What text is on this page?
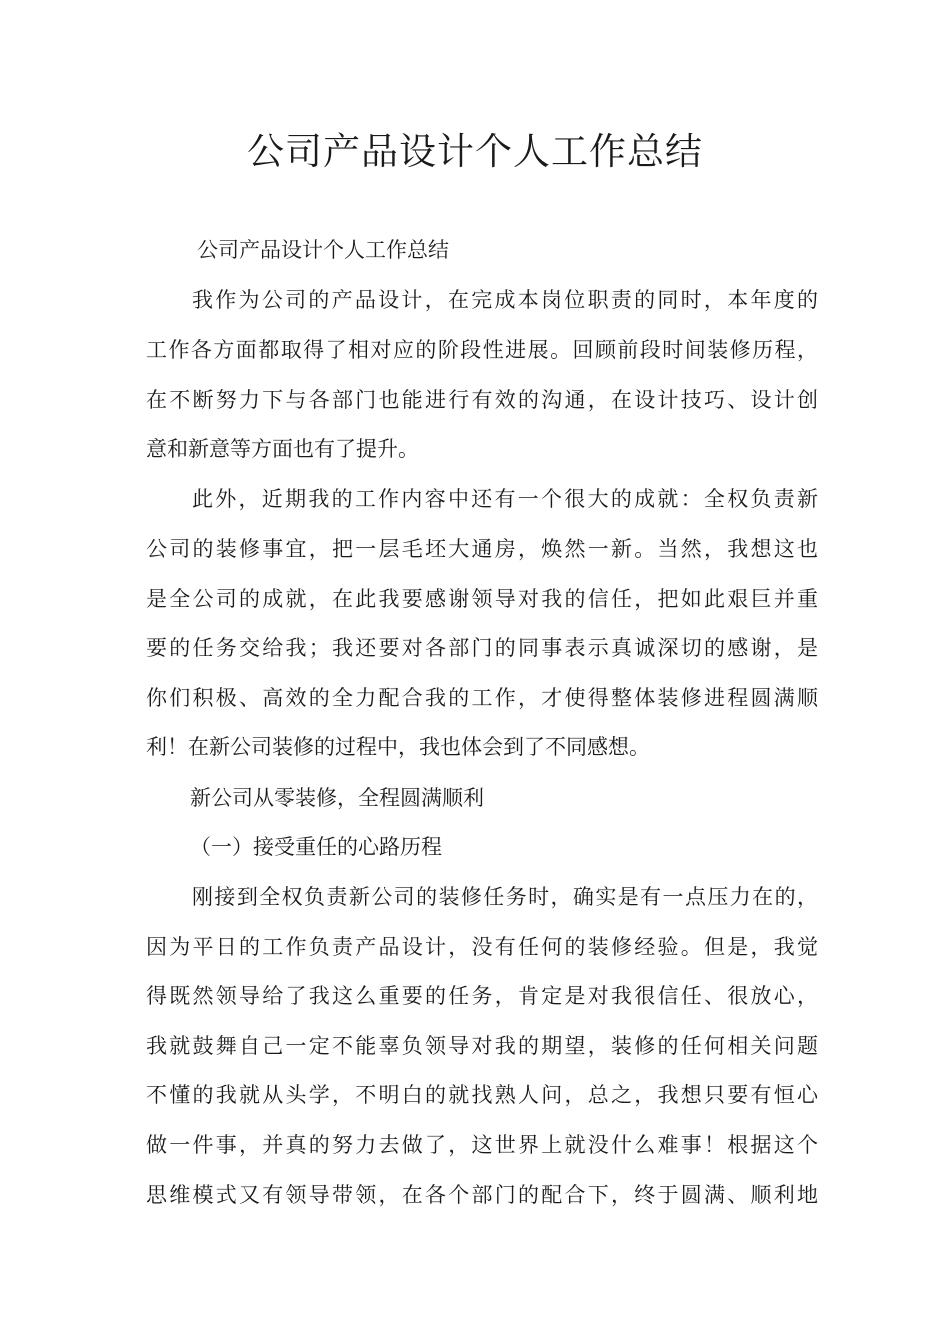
公司产品设计个人工作总结
公司产品设计个人工作总结
我作为公司的产品设计，在完成本岗位职责的同时，本年度的
工作各方面都取得了相对应的阶段性进展。回顾前段时间装修历程，
在不断努力下与各部门也能进行有效的沟通，在设计技巧、设计创
意和新意等方面也有了提升。
此外，近期我的工作内容中还有一个很大的成就：全权负责新
公司的装修事宜，把一层毛坯大通房，焕然一新。当然，我想这也
是全公司的成就，在此我要感谢领导对我的信任，把如此艰巨并重
要的任务交给我；我还要对各部门的同事表示真诚深切的感谢，是
你们积极、高效的全力配合我的工作，才使得整体装修进程圆满顺
利！在新公司装修的过程中，我也体会到了不同感想。
新公司从零装修，全程圆满顺利
（一）接受重任的心路历程
刚接到全权负责新公司的装修任务时，确实是有一点压力在的，
因为平日的工作负责产品设计，没有任何的装修经验。但是，我觉
得既然领导给了我这么重要的任务，肯定是对我很信任、很放心，
我就鼓舞自己一定不能辜负领导对我的期望，装修的任何相关问题
不懂的我就从头学，不明白的就找熟人问，总之，我想只要有恒心
做一件事，并真的努力去做了，这世界上就没什么难事！根据这个
思维模式又有领导带领，在各个部门的配合下，终于圆满、顺利地
